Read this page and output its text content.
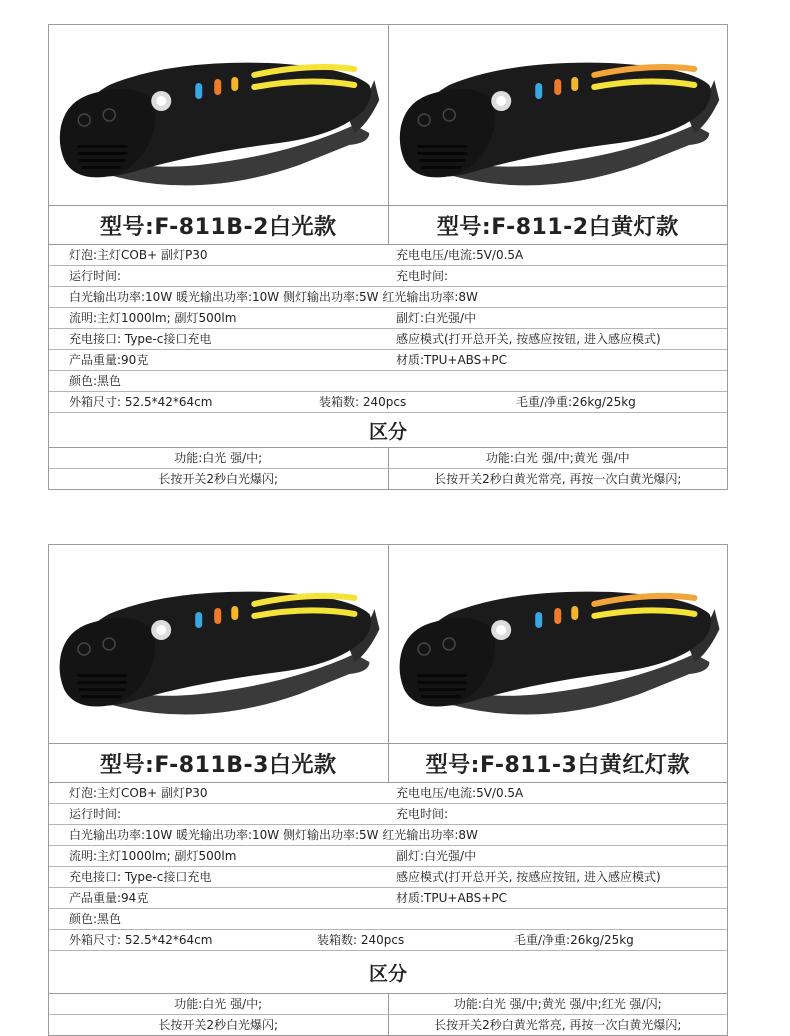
型号:F-811B-2白光款	型号:F-811-2白黄灯款
灯泡:主灯COB+ 副灯P30	充电电压/电流:5V/0.5A
运行时间:	充电时间:
白光输出功率:10W 暖光输出功率:10W 侧灯输出功率:5W 红光输出功率:8W
流明:主灯1000lm; 副灯500lm	副灯:白光强/中
充电接口: Type-c接口充电	感应模式(打开总开关, 按感应按钮, 进入感应模式)
产品重量:90克	材质:TPU+ABS+PC
颜色:黑色
外箱尺寸: 52.5*42*64cm	装箱数: 240pcs	毛重/净重:26kg/25kg
区分
功能:白光 强/中;	功能:白光 强/中;黄光 强/中
长按开关2秒白光爆闪;	长按开关2秒白黄光常亮, 再按一次白黄光爆闪;
型号:F-811B-3白光款	型号:F-811-3白黄红灯款
灯泡:主灯COB+ 副灯P30	充电电压/电流:5V/0.5A
运行时间:	充电时间:
白光输出功率:10W 暖光输出功率:10W 侧灯输出功率:5W 红光输出功率:8W
流明:主灯1000lm; 副灯500lm	副灯:白光强/中
充电接口: Type-c接口充电	感应模式(打开总开关, 按感应按钮, 进入感应模式)
产品重量:94克	材质:TPU+ABS+PC
颜色:黑色
外箱尺寸: 52.5*42*64cm	装箱数: 240pcs	毛重/净重:26kg/25kg
区分
功能:白光 强/中;	功能:白光 强/中;黄光 强/中;红光 强/闪;
长按开关2秒白光爆闪;	长按开关2秒白黄光常亮, 再按一次白黄光爆闪;
